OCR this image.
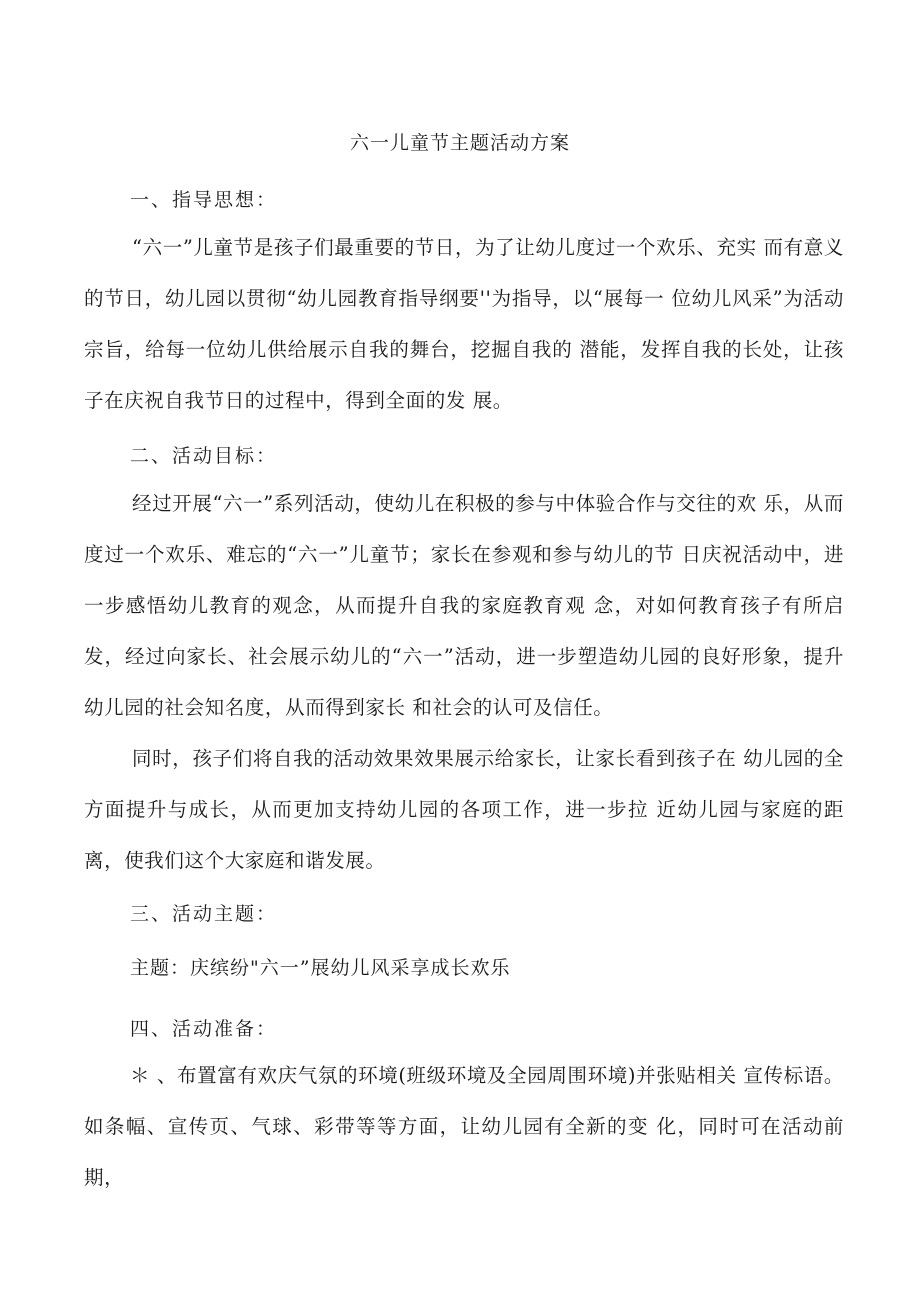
六一儿童节主题活动方案
一、指导思想：

“六一”儿童节是孩子们最重要的节日，为了让幼儿度过一个欢乐、充实 而有意义的节日，幼儿园以贯彻“幼儿园教育指导纲要''为指导，以“展每一 位幼儿风采”为活动宗旨，给每一位幼儿供给展示自我的舞台，挖掘自我的 潜能，发挥自我的长处，让孩子在庆祝自我节日的过程中，得到全面的发 展。

二、活动目标：

经过开展“六一”系列活动，使幼儿在积极的参与中体验合作与交往的欢 乐，从而度过一个欢乐、难忘的“六一”儿童节；家长在参观和参与幼儿的节 日庆祝活动中，进一步感悟幼儿教育的观念，从而提升自我的家庭教育观 念，对如何教育孩子有所启发，经过向家长、社会展示幼儿的“六一”活动，进一步塑造幼儿园的良好形象，提升幼儿园的社会知名度，从而得到家长 和社会的认可及信任。

同时，孩子们将自我的活动效果效果展示给家长，让家长看到孩子在 幼儿园的全方面提升与成长，从而更加支持幼儿园的各项工作，进一步拉 近幼儿园与家庭的距离，使我们这个大家庭和谐发展。

三、活动主题：
主题：庆缤纷"六一”展幼儿风采享成长欢乐
四、活动准备：

＊ 、布置富有欢庆气氛的环境(班级环境及全园周围环境)并张贴相关 宣传标语。如条幅、宣传页、气球、彩带等等方面，让幼儿园有全新的变 化，同时可在活动前期，
